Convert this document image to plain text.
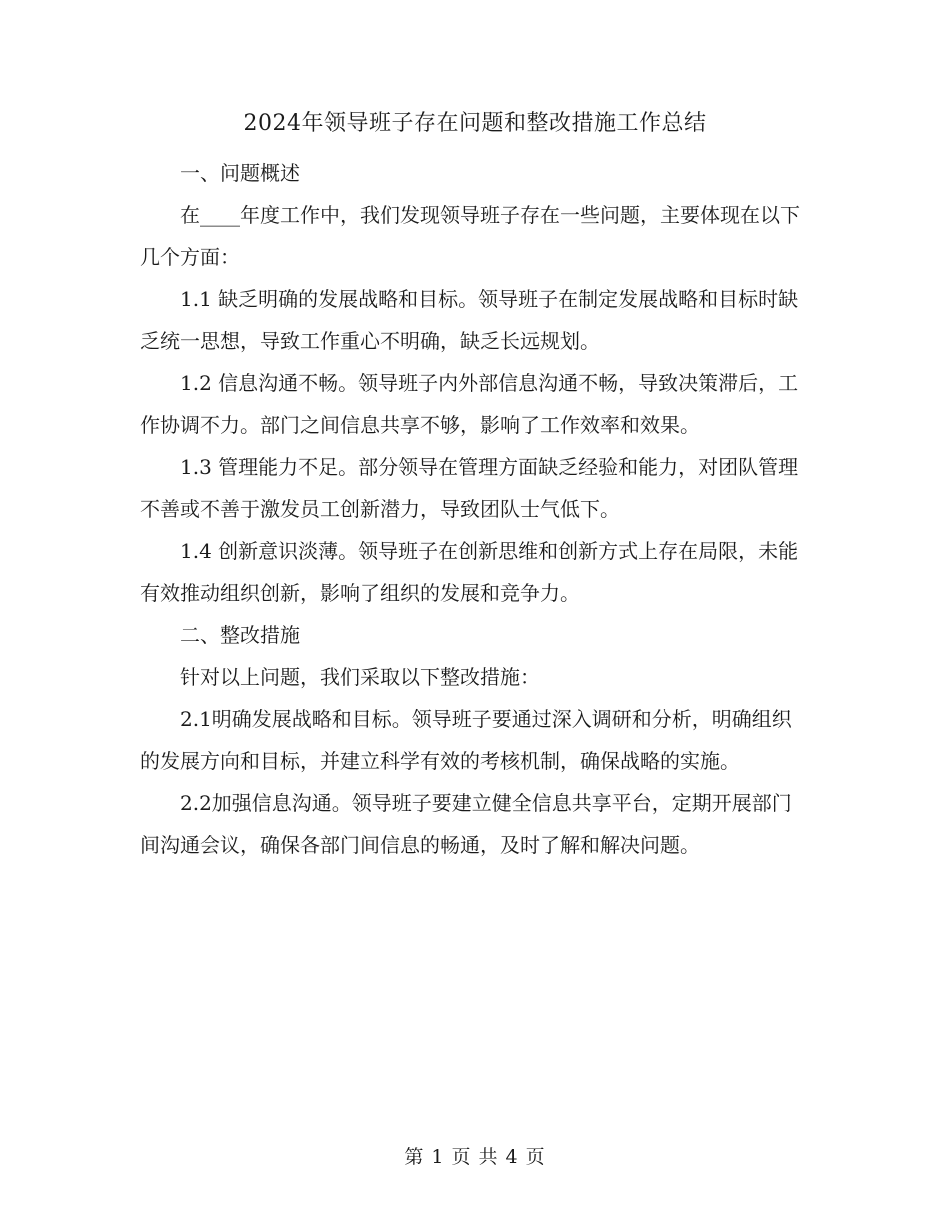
2024年领导班子存在问题和整改措施工作总结

一、问题概述

在____年度工作中，我们发现领导班子存在一些问题，主要体现在以下几个方面：

1.1 缺乏明确的发展战略和目标。领导班子在制定发展战略和目标时缺乏统一思想，导致工作重心不明确，缺乏长远规划。

1.2 信息沟通不畅。领导班子内外部信息沟通不畅，导致决策滞后，工作协调不力。部门之间信息共享不够，影响了工作效率和效果。

1.3 管理能力不足。部分领导在管理方面缺乏经验和能力，对团队管理不善或不善于激发员工创新潜力，导致团队士气低下。

1.4 创新意识淡薄。领导班子在创新思维和创新方式上存在局限，未能有效推动组织创新，影响了组织的发展和竞争力。

二、整改措施

针对以上问题，我们采取以下整改措施：

2.1明确发展战略和目标。领导班子要通过深入调研和分析，明确组织的发展方向和目标，并建立科学有效的考核机制，确保战略的实施。

2.2加强信息沟通。领导班子要建立健全信息共享平台，定期开展部门间沟通会议，确保各部门间信息的畅通，及时了解和解决问题。

第 1 页 共 4 页
